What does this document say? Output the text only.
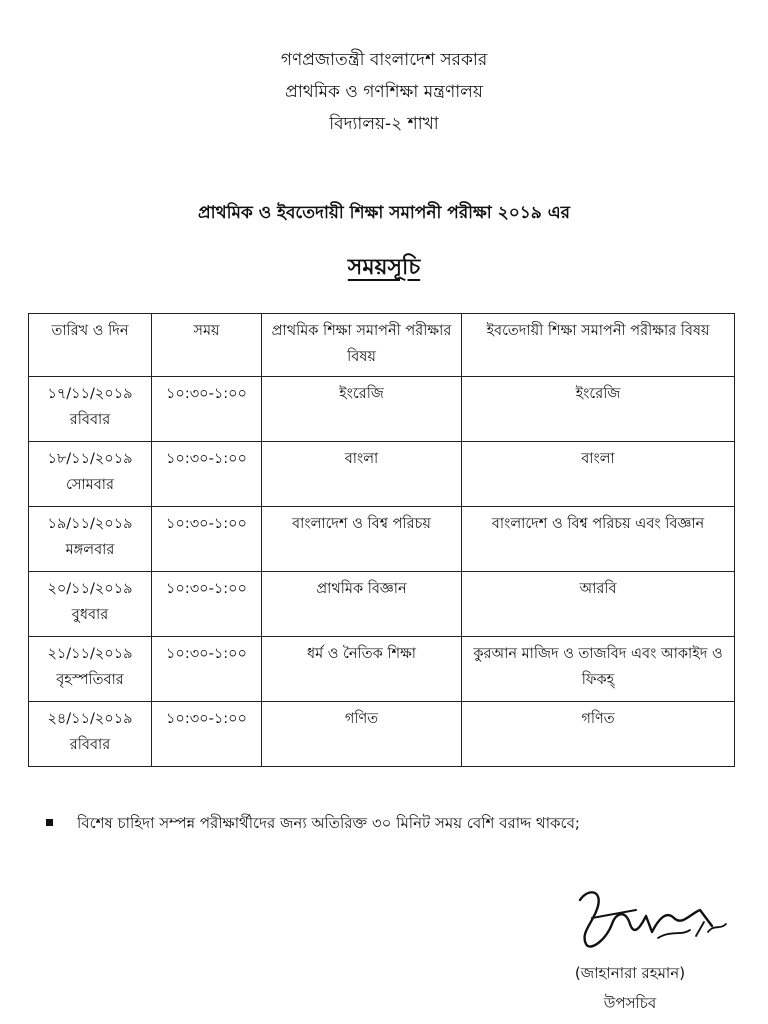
গণপ্রজাতন্ত্রী বাংলাদেশ সরকার
প্রাথমিক ও গণশিক্ষা মন্ত্রণালয়
বিদ্যালয়-২ শাখা
প্রাথমিক ও ইবতেদায়ী শিক্ষা সমাপনী পরীক্ষা ২০১৯ এর
সময়সূচি
তারিখ ও দিন	সময়	প্রাথমিক শিক্ষা সমাপনী পরীক্ষার বিষয়	ইবতেদায়ী শিক্ষা সমাপনী পরীক্ষার বিষয়

১৭/১১/২০১৯
রবিবার	১০:৩০-১:০০	ইংরেজি	ইংরেজি

১৮/১১/২০১৯
সোমবার	১০:৩০-১:০০	বাংলা	বাংলা

১৯/১১/২০১৯
মঙ্গলবার	১০:৩০-১:০০	বাংলাদেশ ও বিশ্ব পরিচয়	বাংলাদেশ ও বিশ্ব পরিচয় এবং বিজ্ঞান

২০/১১/২০১৯
বুধবার	১০:৩০-১:০০	প্রাথমিক বিজ্ঞান	আরবি

২১/১১/২০১৯
বৃহস্পতিবার	১০:৩০-১:০০	ধর্ম ও নৈতিক শিক্ষা	কুরআন মাজিদ ও তাজবিদ এবং আকাইদ ও ফিকহ্

২৪/১১/২০১৯
রবিবার	১০:৩০-১:০০	গণিত	গণিত
বিশেষ চাহিদা সম্পন্ন পরীক্ষার্থীদের জন্য অতিরিক্ত ৩০ মিনিট সময় বেশি বরাদ্দ থাকবে;
(জাহানারা রহমান)
উপসচিব
